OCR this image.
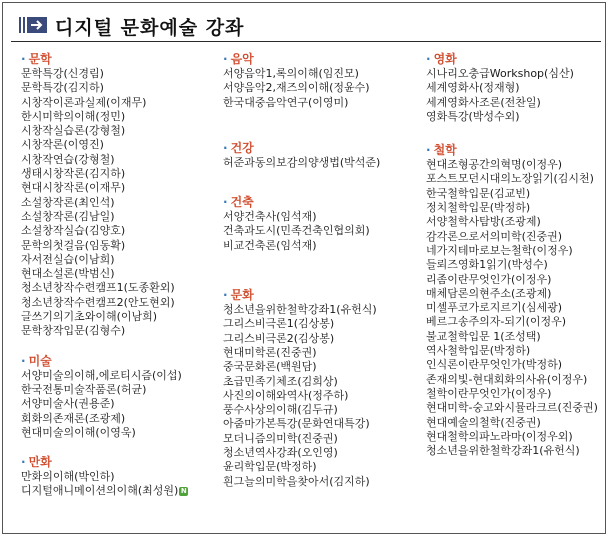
디지털 문화예술 강좌
· 문학
문학특강(신경림)
문학특강(김지하)
시창작이론과실제(이재무)
한시미학의이해(정민)
시창작실습론(강형철)
시창작론(이영진)
시창작연습(강형철)
생태시창작론(김지하)
현대시창작론(이재무)
소설창작론(최인석)
소설창작론(김남일)
소설창작실습(김양호)
문학의첫걸음(임동확)
자서전실습(이남희)
현대소설론(박범신)
청소년창작수련캠프1(도종환외)
청소년창작수련캠프2(안도현외)
글쓰기의기초와이해(이남희)
문학창작입문(김형수)
· 미술
서양미술의이해,에로티시즘(이섭)
한국전통미술작품론(허균)
서양미술사(권용준)
회화의존재론(조광제)
현대미술의이해(이영욱)
· 만화
만화의이해(박인하)
디지털애니메이션의이해(최성원) N
· 음악
서양음악1,록의이해(임진모)
서양음악2,재즈의이해(정윤수)
한국대중음악연구(이영미)
· 건강
허준과동의보감의양생법(박석준)
· 건축
서양건축사(임석재)
건축과도시(민족건축인협의회)
비교건축론(임석재)
· 문화
청소년을위한철학강좌1(유헌식)
그리스비극론1(김상봉)
그리스비극론2(김상봉)
현대미학론(진중권)
중국문화론(백원담)
초급민족기체조(김희상)
사진의이해와역사(정주하)
풍수사상의이해(김두규)
아줌마가본특강(문화연대특강)
모더니즘의미학(진중권)
청소년역사강좌(오인영)
윤리학입문(박정하)
흰그늘의미학을찾아서(김지하)
· 영화
시나리오충급Workshop(심산)
세계영화사(정재형)
세계영화사조론(전찬일)
영화특강(박성수외)
· 철학
현대조형공간의혁명(이정우)
포스트모던시대의노장읽기(김시천)
한국철학입문(김교빈)
정치철학입문(박정하)
서양철학사탐방(조광제)
감각론으로서의미학(진중권)
네가지테마로보는철학(이정우)
들뢰즈영화1읽기(박성수)
리좀이란무엇인가(이정우)
매체담론의현주소(조광제)
미셸푸코가로지르기(심세광)
베르그송주의자-되기(이정우)
불교철학입문 1(조성택)
역사철학입문(박정하)
인식론이란무엇인가(박정하)
존재의빛-현대회화의사유(이정우)
철학이란무엇인가(이정우)
현대미학-숭고와시뮬라크르(진중권)
현대예술의철학(진중권)
현대철학의파노라마(이정우외)
청소년을위한철학강좌1(유헌식)
